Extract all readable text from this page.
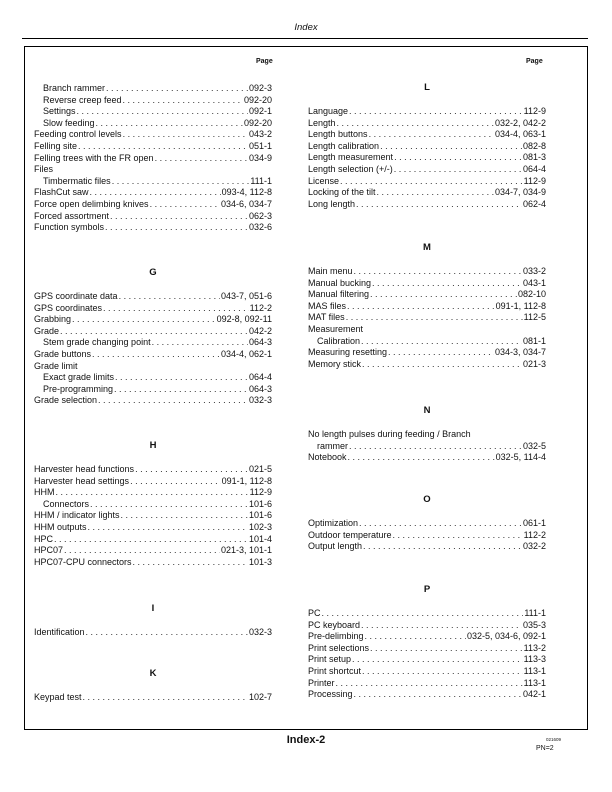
Index
Page	Page
Branch rammer . . .	092-3
Reverse creep feed . . .	092-20
Settings . . .	092-1
Slow feeding . . .	092-20
Feeding control levels . . .	043-2
Felling site . . .	051-1
Felling trees with the FR open . . .	034-9
Files
Timbermatic files . . .	111-1
FlashCut saw . . .	093-4, 112-8
Force open delimbing knives . . .	034-6, 034-7
Forced assortment . . .	062-3
Function symbols . . .	032-6
G
GPS coordinate data . . .	043-7, 051-6
GPS coordinates . . .	112-2
Grabbing . . .	092-8, 092-11
Grade . . .	042-2
Stem grade changing point . . .	064-3
Grade buttons . . .	034-4, 062-1
Grade limit
Exact grade limits . . .	064-4
Pre-programming . . .	064-3
Grade selection . . .	032-3
H
Harvester head functions . . .	021-5
Harvester head settings . . .	091-1, 112-8
HHM . . .	112-9
Connectors . . .	101-6
HHM / indicator lights . . .	101-6
HHM outputs . . .	102-3
HPC . . .	101-4
HPC07 . . .	021-3, 101-1
HPC07-CPU connectors . . .	101-3
I
Identification . . .	032-3
K
Keypad test . . .	102-7
L
Language . . .	112-9
Length . . .	032-2, 042-2
Length buttons . . .	034-4, 063-1
Length calibration . . .	082-8
Length measurement . . .	081-3
Length selection (+/-) . . .	064-4
License . . .	112-9
Locking of the tilt . . .	034-7, 034-9
Long length . . .	062-4
M
Main menu . . .	033-2
Manual bucking . . .	043-1
Manual filtering . . .	082-10
MAS files . . .	091-1, 112-8
MAT files . . .	112-5
Measurement
Calibration . . .	081-1
Measuring resetting . . .	034-3, 034-7
Memory stick . . .	021-3
N
No length pulses during feeding / Branch
rammer . . .	032-5
Notebook . . .	032-5, 114-4
O
Optimization . . .	061-1
Outdoor temperature . . .	112-2
Output length . . .	032-2
P
PC . . .	111-1
PC keyboard . . .	035-3
Pre-delimbing . . .	032-5, 034-6, 092-1
Print selections . . .	113-2
Print setup . . .	113-3
Print shortcut . . .	113-1
Printer . . .	113-1
Processing . . .	042-1
Index-2	021609
PN=2
